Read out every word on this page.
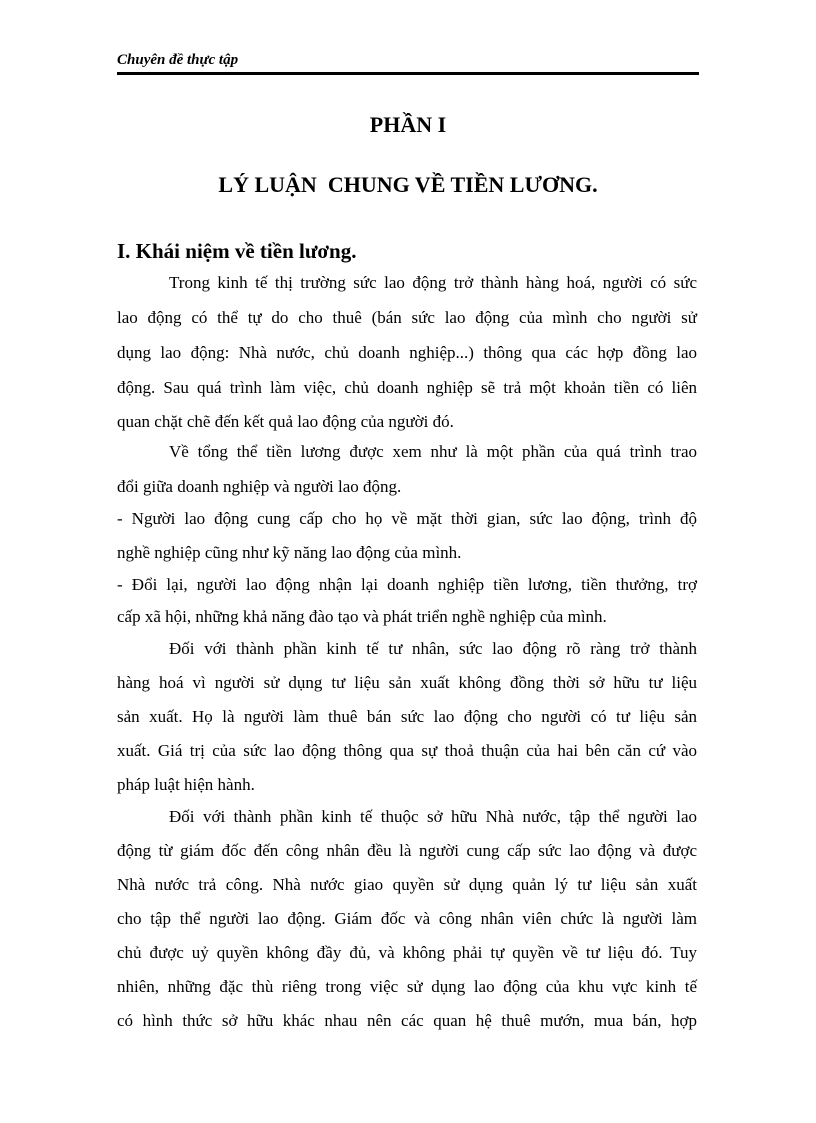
Chuyên đề thực tập
PHẦN I
LÝ LUẬN  CHUNG VỀ TIỀN LƯƠNG.
I. Khái niệm về tiền lương.
Trong kinh tế thị trường sức lao động trở thành hàng hoá, người có sức
lao động có thể tự do cho thuê (bán sức lao động của mình cho người sử
dụng lao động: Nhà nước, chủ doanh nghiệp...) thông qua các hợp đồng lao
động. Sau quá trình làm việc, chủ doanh nghiệp sẽ trả một khoản tiền có liên
quan chặt chẽ đến kết quả lao động của người đó.
Về tổng thể tiền lương được xem như là một phần của quá trình trao
đổi giữa doanh nghiệp và người lao động.
- Người lao động cung cấp cho họ về mặt thời gian, sức lao động, trình độ
nghề nghiệp cũng như kỹ năng lao động của mình.
- Đổi lại, người lao động nhận lại doanh nghiệp tiền lương, tiền thưởng, trợ
cấp xã hội, những khả năng đào tạo và phát triển nghề nghiệp của mình.
Đối với thành phần kinh tế tư nhân, sức lao động rõ ràng trở thành
hàng hoá vì người sử dụng tư liệu sản xuất không đồng thời sở hữu tư liệu
sản xuất. Họ là người làm thuê bán sức lao động cho người có tư liệu sản
xuất. Giá trị của sức lao động thông qua sự thoả thuận của hai bên căn cứ vào
pháp luật hiện hành.
Đối với thành phần kinh tế thuộc sở hữu Nhà nước, tập thể người lao
động từ giám đốc đến công nhân đều là người cung cấp sức lao động và được
Nhà nước trả công. Nhà nước giao quyền sử dụng quản lý tư liệu sản xuất
cho tập thể người lao động. Giám đốc và công nhân viên chức là người làm
chủ được uỷ quyền không đầy đủ, và không phải tự quyền về tư liệu đó. Tuy
nhiên, những đặc thù riêng trong việc sử dụng lao động của khu vực kinh tế
có hình thức sở hữu khác nhau nên các quan hệ thuê mướn, mua bán, hợp
